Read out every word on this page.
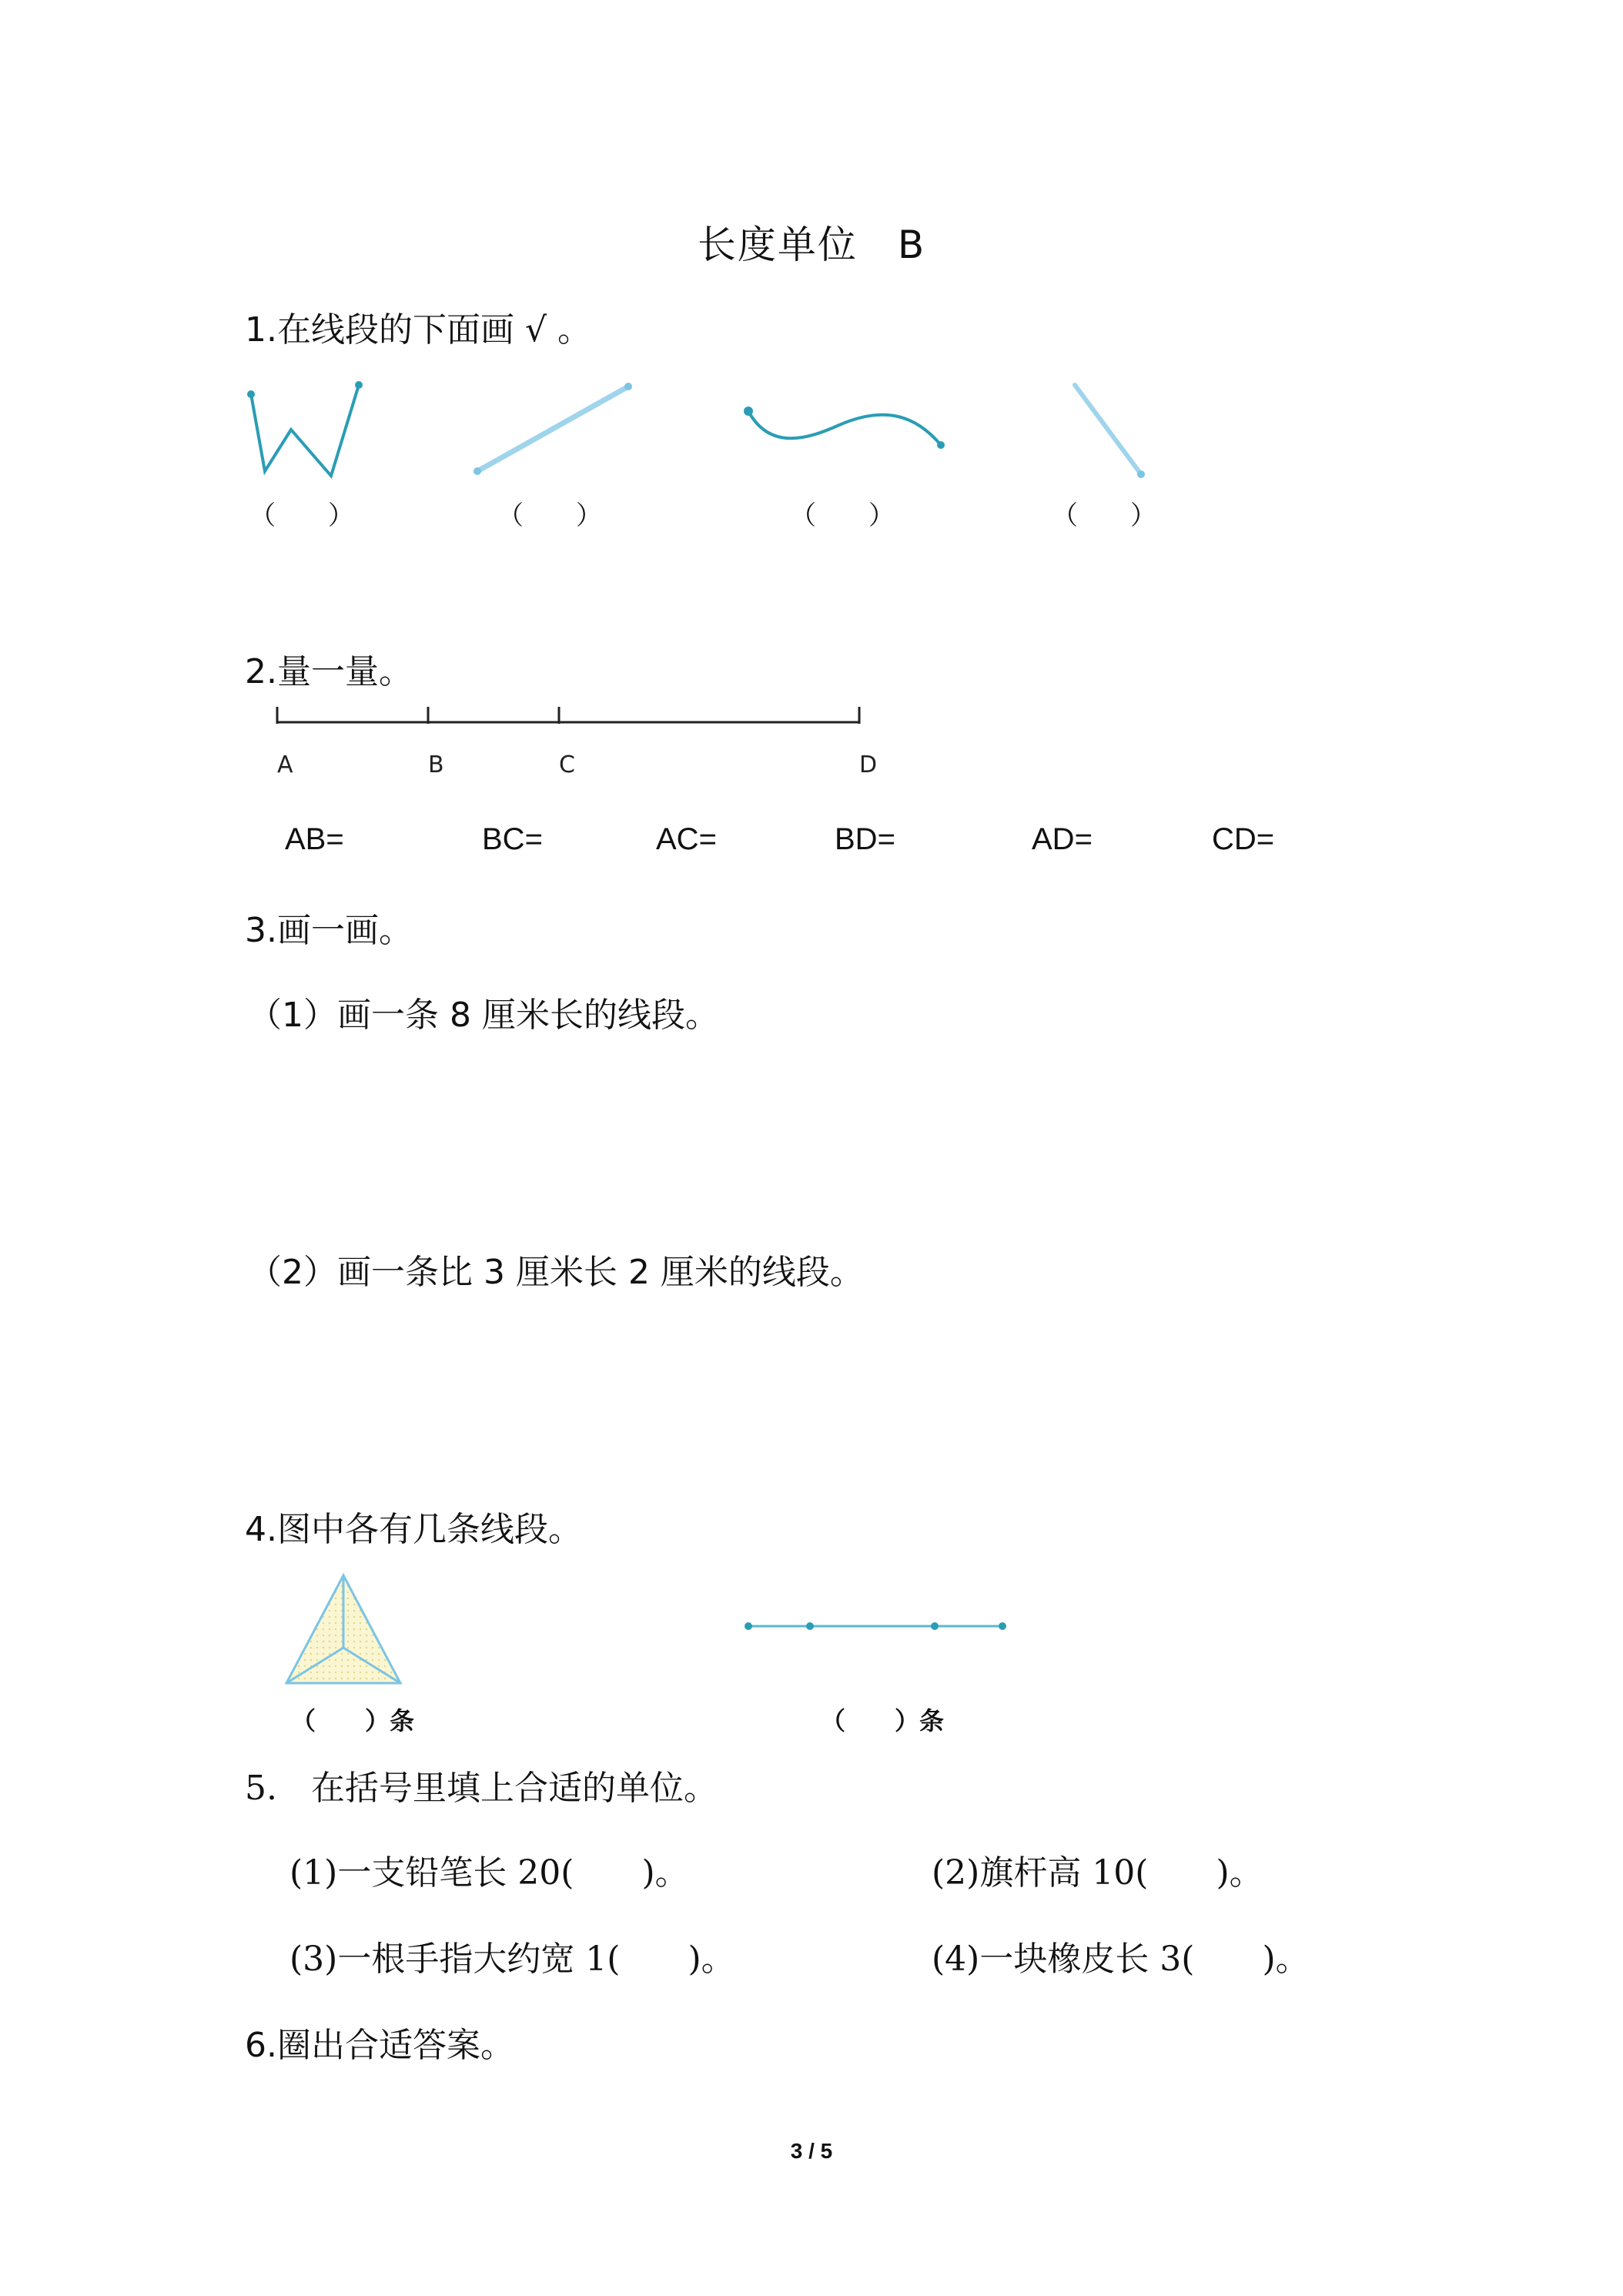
长度单位　B
1.在线段的下面画 √ 。
（　　）	（　　）	（　　）	（　　）
2.量一量。
A	B	C	D
AB=	BC=	AC=	BD=	AD=	CD=
3.画一画。
（1）画一条 8 厘米长的线段。
（2）画一条比 3 厘米长 2 厘米的线段。
4.图中各有几条线段。
（　　）条	（　　）条
5.　在括号里填上合适的单位。
(1)一支铅笔长 20(　　)。	(2)旗杆高 10(　　)。
(3)一根手指大约宽 1(　　)。	(4)一块橡皮长 3(　　)。
6.圈出合适答案。
3 / 5
